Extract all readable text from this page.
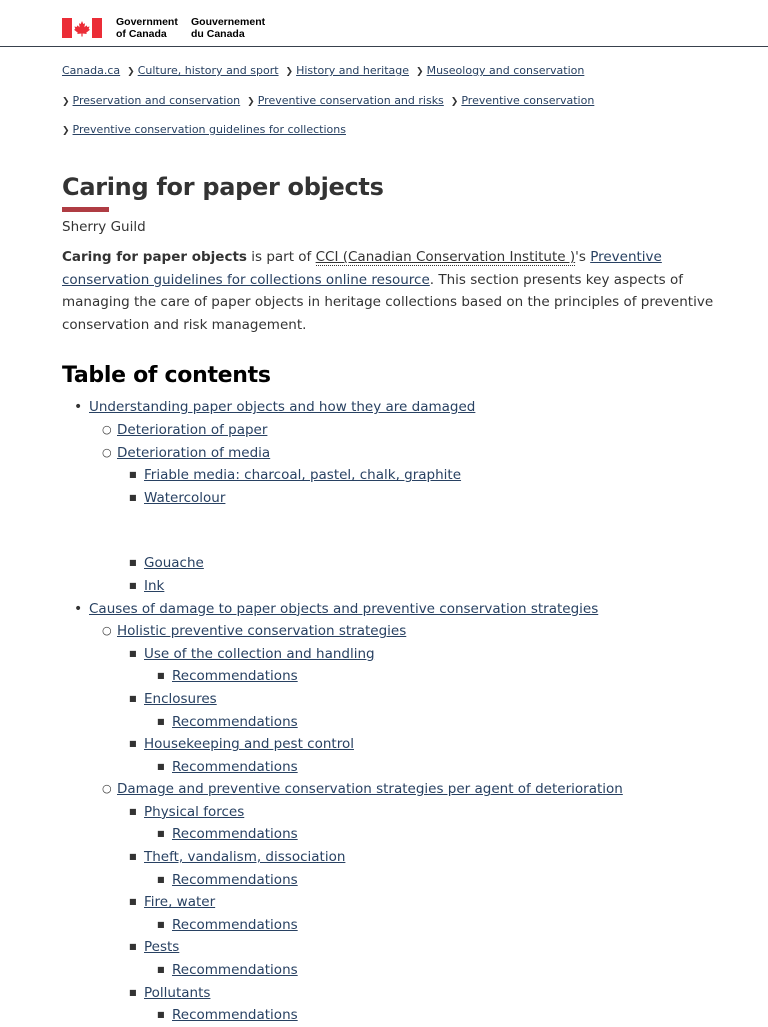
Government
of Canada
Gouvernement
du Canada
Canada.ca ❯ Culture, history and sport ❯ History and heritage ❯ Museology and conservation
❯ Preservation and conservation ❯ Preventive conservation and risks ❯ Preventive conservation
❯ Preventive conservation guidelines for collections
Caring for paper objects
Sherry Guild

Caring for paper objects is part of CCI (Canadian Conservation Institute )'s Preventive conservation guidelines for collections online resource. This section presents key aspects of managing the care of paper objects in heritage collections based on the principles of preventive conservation and risk management.

Table of contents
• Understanding paper objects and how they are damaged
○ Deterioration of paper
○ Deterioration of media
■ Friable media: charcoal, pastel, chalk, graphite
■ Watercolour
■ Gouache
■ Ink
• Causes of damage to paper objects and preventive conservation strategies
○ Holistic preventive conservation strategies
■ Use of the collection and handling
■ Recommendations
■ Enclosures
■ Recommendations
■ Housekeeping and pest control
■ Recommendations
○ Damage and preventive conservation strategies per agent of deterioration
■ Physical forces
■ Recommendations
■ Theft, vandalism, dissociation
■ Recommendations
■ Fire, water
■ Recommendations
■ Pests
■ Recommendations
■ Pollutants
■ Recommendations
